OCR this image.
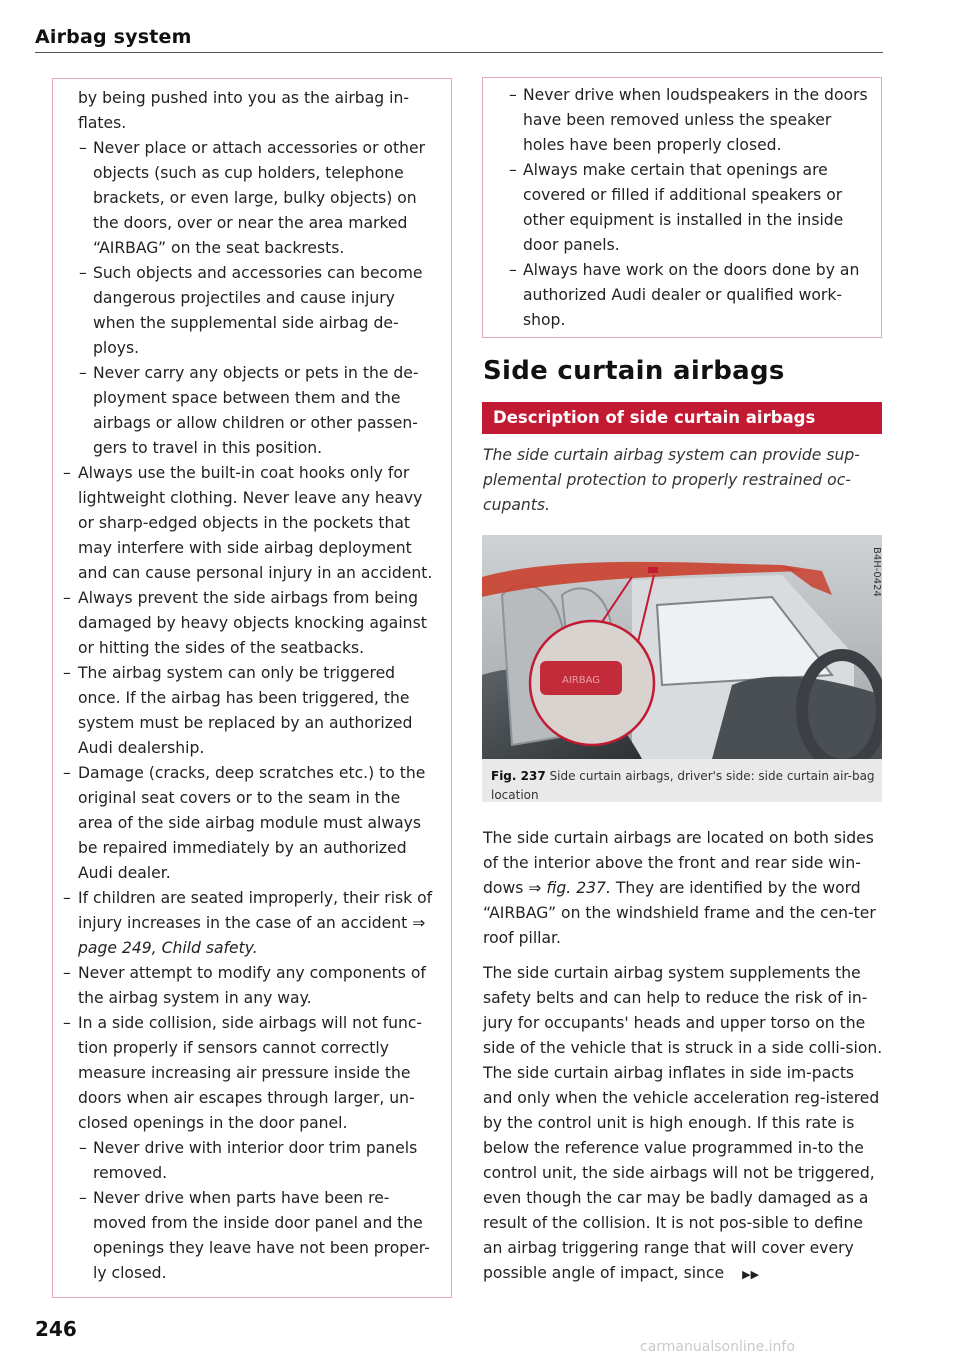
Airbag system
by being pushed into you as the airbag in-flates.
– Never place or attach accessories or other objects (such as cup holders, telephone brackets, or even large, bulky objects) on the doors, over or near the area marked “AIRBAG” on the seat backrests.
– Such objects and accessories can become dangerous projectiles and cause injury when the supplemental side airbag de-ploys.
– Never carry any objects or pets in the de-ployment space between them and the airbags or allow children or other passen-gers to travel in this position.
– Always use the built-in coat hooks only for lightweight clothing. Never leave any heavy or sharp-edged objects in the pockets that may interfere with side airbag deployment and can cause personal injury in an accident.
– Always prevent the side airbags from being damaged by heavy objects knocking against or hitting the sides of the seatbacks.
– The airbag system can only be triggered once. If the airbag has been triggered, the system must be replaced by an authorized Audi dealership.
– Damage (cracks, deep scratches etc.) to the original seat covers or to the seam in the area of the side airbag module must always be repaired immediately by an authorized Audi dealer.
– If children are seated improperly, their risk of injury increases in the case of an accident ⇒ page 249, Child safety.
– Never attempt to modify any components of the airbag system in any way.
– In a side collision, side airbags will not func-tion properly if sensors cannot correctly measure increasing air pressure inside the doors when air escapes through larger, un-closed openings in the door panel.
– Never drive with interior door trim panels removed.
– Never drive when parts have been re-moved from the inside door panel and the openings they leave have not been proper-ly closed.
– Never drive when loudspeakers in the doors have been removed unless the speaker holes have been properly closed.
– Always make certain that openings are covered or filled if additional speakers or other equipment is installed in the inside door panels.
– Always have work on the doors done by an authorized Audi dealer or qualified work-shop.
Side curtain airbags
Description of side curtain airbags
The side curtain airbag system can provide sup-plemental protection to properly restrained oc-cupants.
AIRBAG
B4H-0424
Fig. 237 Side curtain airbags, driver's side: side curtain air-bag location
The side curtain airbags are located on both sides of the interior above the front and rear side win-dows ⇒ fig. 237. They are identified by the word “AIRBAG” on the windshield frame and the cen-ter roof pillar.
The side curtain airbag system supplements the safety belts and can help to reduce the risk of in-jury for occupants' heads and upper torso on the side of the vehicle that is struck in a side colli-sion. The side curtain airbag inflates in side im-pacts and only when the vehicle acceleration reg-istered by the control unit is high enough. If this rate is below the reference value programmed in-to the control unit, the side airbags will not be triggered, even though the car may be badly damaged as a result of the collision. It is not pos-sible to define an airbag triggering range that will cover every possible angle of impact, since ▶▶
246
carmanualsonline.info
